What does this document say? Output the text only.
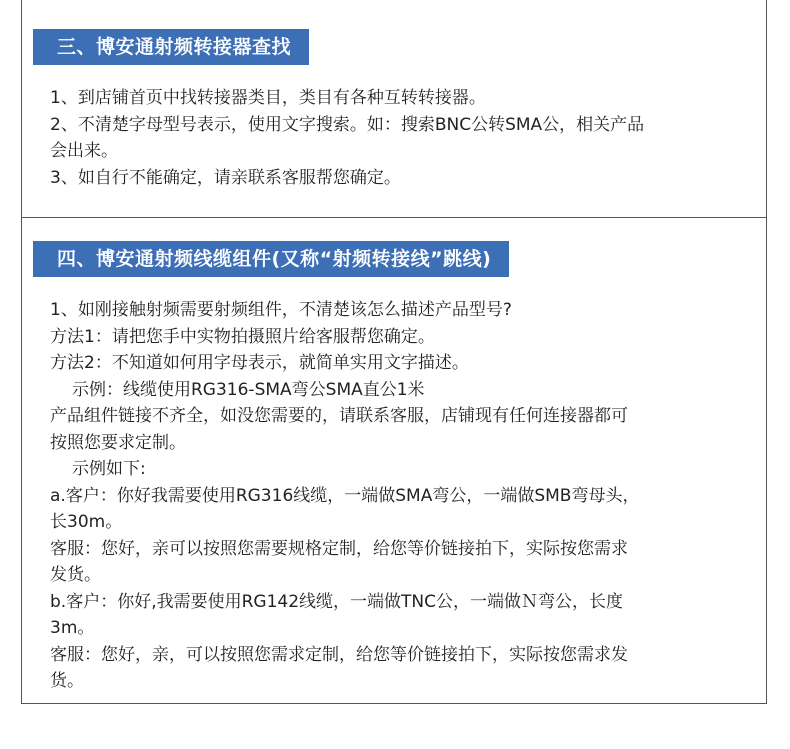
三、博安通射频转接器查找

1、到店铺首页中找转接器类目，类目有各种互转转接器。

2、不清楚字母型号表示，使用文字搜索。如：搜索BNC公转SMA公，相关产品

会出来。

3、如自行不能确定，请亲联系客服帮您确定。

四、博安通射频线缆组件(又称“射频转接线”跳线)

1、如刚接触射频需要射频组件，不清楚该怎么描述产品型号?

方法1：请把您手中实物拍摄照片给客服帮您确定。

方法2：不知道如何用字母表示，就简单实用文字描述。

示例：线缆使用RG316-SMA弯公SMA直公1米

产品组件链接不齐全，如没您需要的，请联系客服，店铺现有任何连接器都可

按照您要求定制。

示例如下:

a.客户：你好我需要使用RG316线缆，一端做SMA弯公，一端做SMB弯母头，

长30m。

客服：您好，亲可以按照您需要规格定制，给您等价链接拍下，实际按您需求

发货。

b.客户：你好,我需要使用RG142线缆，一端做TNC公，一端做Ｎ弯公，长度

3m。

客服：您好，亲，可以按照您需求定制，给您等价链接拍下，实际按您需求发

货。
